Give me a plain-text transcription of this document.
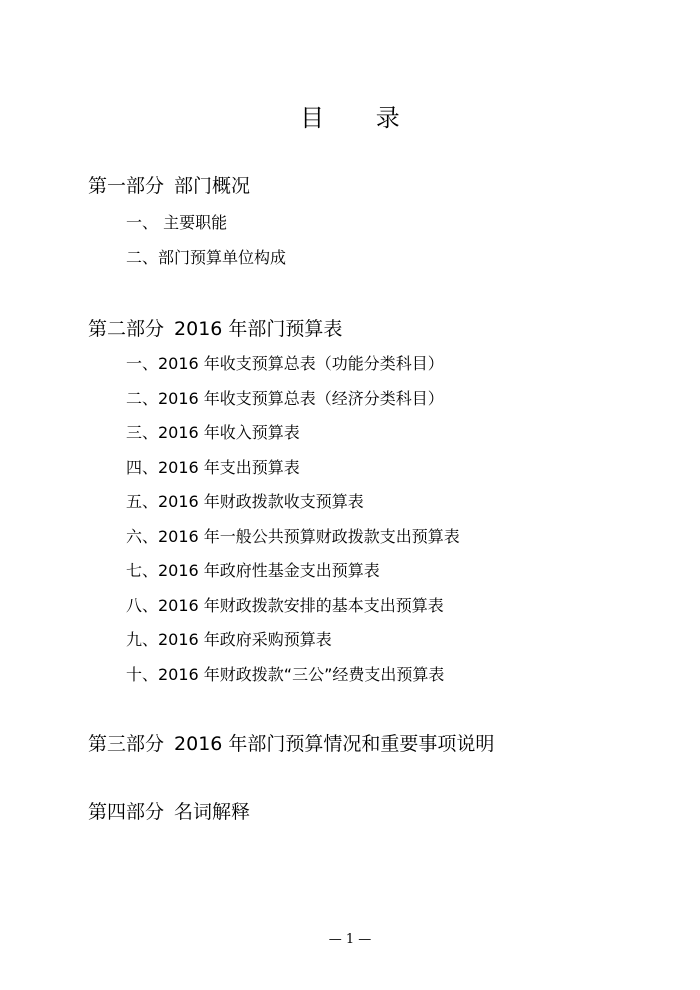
目 录
第一部分 部门概况
一、 主要职能
二、部门预算单位构成
第二部分 2016 年部门预算表
一、2016 年收支预算总表（功能分类科目）
二、2016 年收支预算总表（经济分类科目）
三、2016 年收入预算表
四、2016 年支出预算表
五、2016 年财政拨款收支预算表
六、2016 年一般公共预算财政拨款支出预算表
七、2016 年政府性基金支出预算表
八、2016 年财政拨款安排的基本支出预算表
九、2016 年政府采购预算表
十、2016 年财政拨款“三公”经费支出预算表
第三部分 2016 年部门预算情况和重要事项说明
第四部分 名词解释
— 1 —
